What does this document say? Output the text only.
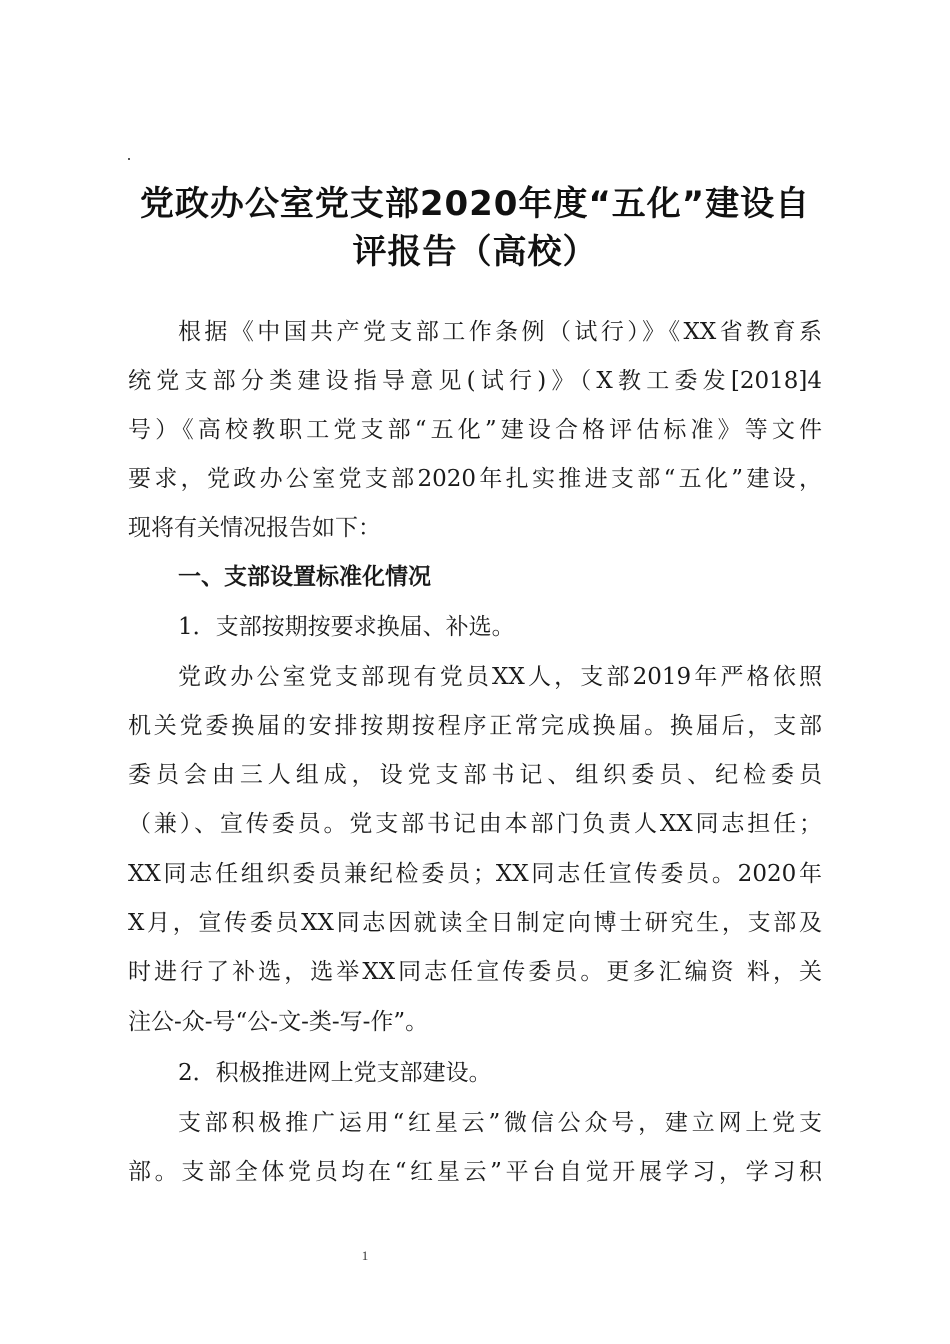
党政办公室党支部2020年度“五化”建设自
评报告（高校）
根据《中国共产党支部工作条例（试行）》《XX省教育系
统党支部分类建设指导意见(试行)》（X教工委发[2018]4
号）《高校教职工党支部“五化”建设合格评估标准》等文件
要求，党政办公室党支部2020年扎实推进支部“五化”建设，
现将有关情况报告如下：
一、支部设置标准化情况
1．支部按期按要求换届、补选。
党政办公室党支部现有党员XX人，支部2019年严格依照
机关党委换届的安排按期按程序正常完成换届。换届后，支部
委员会由三人组成，设党支部书记、组织委员、纪检委员
（兼）、宣传委员。党支部书记由本部门负责人XX同志担任；
XX同志任组织委员兼纪检委员；XX同志任宣传委员。2020年
X月，宣传委员XX同志因就读全日制定向博士研究生，支部及
时进行了补选，选举XX同志任宣传委员。更多汇编资 料，关
注公-众-号“公-文-类-写-作”。
2．积极推进网上党支部建设。
支部积极推广运用“红星云”微信公众号，建立网上党支
部。支部全体党员均在“红星云”平台自觉开展学习，学习积
1
